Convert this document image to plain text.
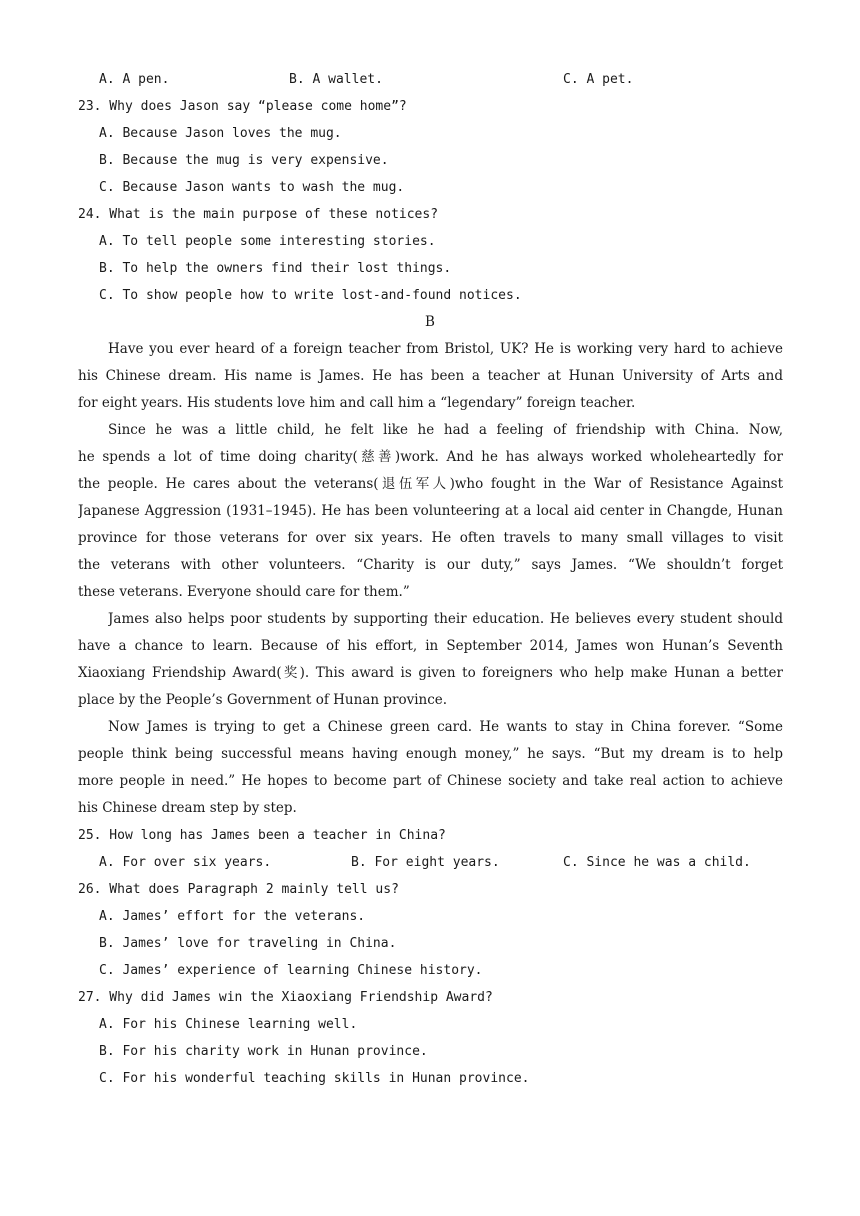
A. A pen.	B. A wallet.	C. A pet.
23. Why does Jason say “please come home”?
A. Because Jason loves the mug.
B. Because the mug is very expensive.
C. Because Jason wants to wash the mug.
24. What is the main purpose of these notices?
A. To tell people some interesting stories.
B. To help the owners find their lost things.
C. To show people how to write lost-and-found notices.
B
Have you ever heard of a foreign teacher from Bristol, UK? He is working very hard to achieve
his Chinese dream. His name is James. He has been a teacher at Hunan University of Arts and
for eight years. His students love him and call him a “legendary” foreign teacher.
Since he was a little child, he felt like he had a feeling of friendship with China. Now,
he spends a lot of time doing charity(慈善)work. And he has always worked wholeheartedly for
the people. He cares about the veterans(退伍军人)who fought in the War of Resistance Against
Japanese Aggression (1931–1945). He has been volunteering at a local aid center in Changde, Hunan
province for those veterans for over six years. He often travels to many small villages to visit
the veterans with other volunteers. “Charity is our duty,” says James. “We shouldn’t forget
these veterans. Everyone should care for them.”
James also helps poor students by supporting their education. He believes every student should
have a chance to learn. Because of his effort, in September 2014, James won Hunan’s Seventh
Xiaoxiang Friendship Award(奖). This award is given to foreigners who help make Hunan a better
place by the People’s Government of Hunan province.
Now James is trying to get a Chinese green card. He wants to stay in China forever. “Some
people think being successful means having enough money,” he says. “But my dream is to help
more people in need.” He hopes to become part of Chinese society and take real action to achieve
his Chinese dream step by step.
25. How long has James been a teacher in China?
A. For over six years.	B. For eight years.	C. Since he was a child.
26. What does Paragraph 2 mainly tell us?
A. James’ effort for the veterans.
B. James’ love for traveling in China.
C. James’ experience of learning Chinese history.
27. Why did James win the Xiaoxiang Friendship Award?
A. For his Chinese learning well.
B. For his charity work in Hunan province.
C. For his wonderful teaching skills in Hunan province.
